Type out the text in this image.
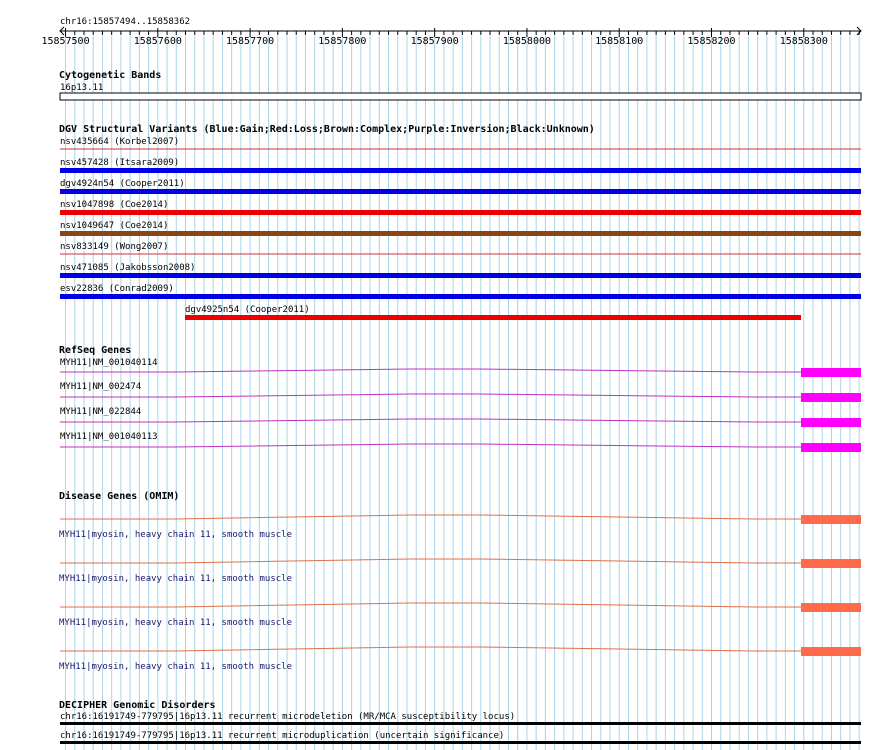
chr16:15857494..15858362
15857500	15857600	15857700	15857800	15857900	15858000	15858100	15858200	15858300
Cytogenetic Bands
16p13.11
DGV Structural Variants (Blue:Gain;Red:Loss;Brown:Complex;Purple:Inversion;Black:Unknown)
nsv435664 (Korbel2007)
nsv457428 (Itsara2009)
dgv4924n54 (Cooper2011)
nsv1047898 (Coe2014)
nsv1049647 (Coe2014)
nsv833149 (Wong2007)
nsv471085 (Jakobsson2008)
esv22836 (Conrad2009)
dgv4925n54 (Cooper2011)
RefSeq Genes
MYH11|NM_001040114
MYH11|NM_002474
MYH11|NM_022844
MYH11|NM_001040113
Disease Genes (OMIM)
MYH11|myosin, heavy chain 11, smooth muscle
MYH11|myosin, heavy chain 11, smooth muscle
MYH11|myosin, heavy chain 11, smooth muscle
MYH11|myosin, heavy chain 11, smooth muscle
DECIPHER Genomic Disorders
chr16:16191749-779795|16p13.11 recurrent microdeletion (MR/MCA susceptibility locus)
chr16:16191749-779795|16p13.11 recurrent microduplication (uncertain significance)
